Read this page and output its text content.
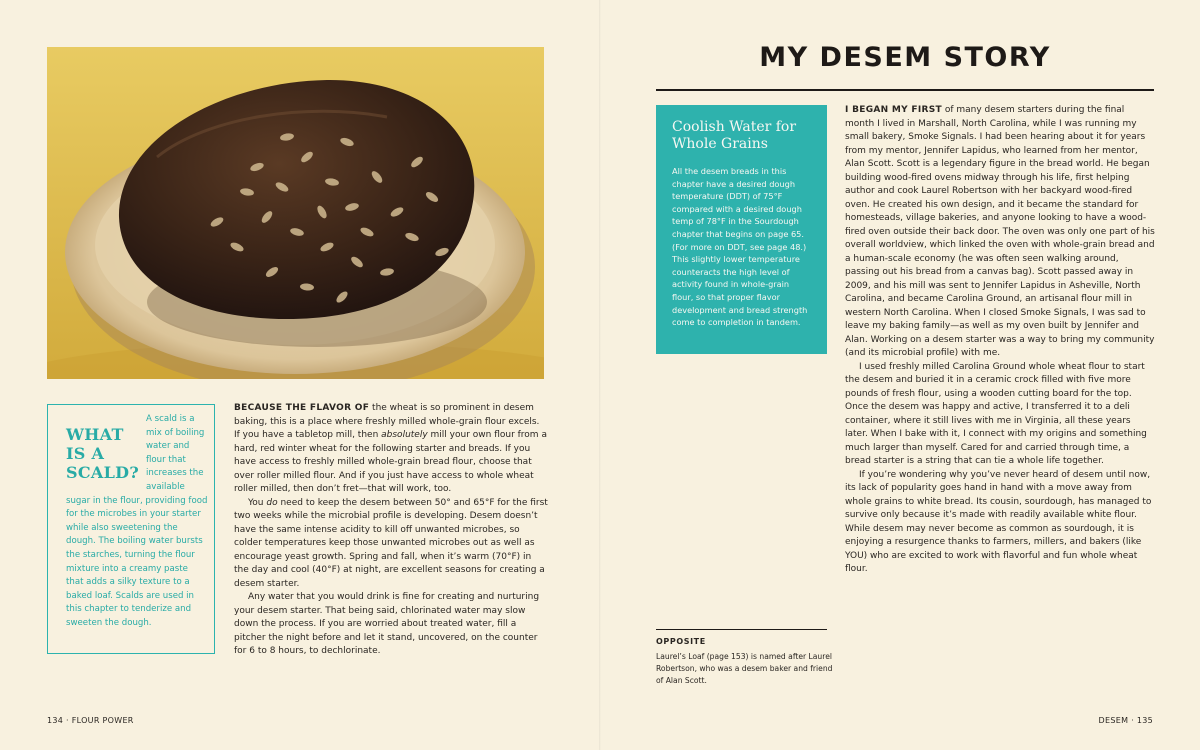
WHAT IS A SCALD?
A scald is a mix of boiling water and flour that increases the available sugar in the flour, providing food for the microbes in your starter while also sweetening the dough. The boiling water bursts the starches, turning the flour mixture into a creamy paste that adds a silky texture to a baked loaf. Scalds are used in this chapter to tenderize and sweeten the dough.

BECAUSE THE FLAVOR OF the wheat is so prominent in desem baking, this is a place where freshly milled whole-grain flour excels. If you have a tabletop mill, then absolutely mill your own flour from a hard, red winter wheat for the following starter and breads. If you have access to freshly milled whole-grain bread flour, choose that over roller milled flour. And if you just have access to whole wheat roller milled, then don’t fret—that will work, too.

You do need to keep the desem between 50° and 65°F for the first two weeks while the microbial profile is developing. Desem doesn’t have the same intense acidity to kill off unwanted microbes, so colder temperatures keep those unwanted microbes out as well as encourage yeast growth. Spring and fall, when it’s warm (70°F) in the day and cool (40°F) at night, are excellent seasons for creating a desem starter.

Any water that you would drink is fine for creating and nurturing your desem starter. That being said, chlorinated water may slow down the process. If you are worried about treated water, fill a pitcher the night before and let it stand, uncovered, on the counter for 6 to 8 hours, to dechlorinate.

134 · FLOUR POWER
MY DESEM STORY
Coolish Water for Whole Grains
All the desem breads in this chapter have a desired dough temperature (DDT) of 75°F compared with a desired dough temp of 78°F in the Sourdough chapter that begins on page 65. (For more on DDT, see page 48.) This slightly lower temperature counteracts the high level of activity found in whole-grain flour, so that proper flavor development and bread strength come to completion in tandem.

I BEGAN MY FIRST of many desem starters during the final month I lived in Marshall, North Carolina, while I was running my small bakery, Smoke Signals. I had been hearing about it for years from my mentor, Jennifer Lapidus, who learned from her mentor, Alan Scott. Scott is a legendary figure in the bread world. He began building wood-fired ovens midway through his life, first helping author and cook Laurel Robertson with her backyard wood-fired oven. He created his own design, and it became the standard for homesteads, village bakeries, and anyone looking to have a wood-fired oven outside their back door. The oven was only one part of his overall worldview, which linked the oven with whole-grain bread and a human-scale economy (he was often seen walking around, passing out his bread from a canvas bag). Scott passed away in 2009, and his mill was sent to Jennifer Lapidus in Asheville, North Carolina, and became Carolina Ground, an artisanal flour mill in western North Carolina. When I closed Smoke Signals, I was sad to leave my baking family—as well as my oven built by Jennifer and Alan. Working on a desem starter was a way to bring my community (and its microbial profile) with me.

I used freshly milled Carolina Ground whole wheat flour to start the desem and buried it in a ceramic crock filled with five more pounds of fresh flour, using a wooden cutting board for the top. Once the desem was happy and active, I transferred it to a deli container, where it still lives with me in Virginia, all these years later. When I bake with it, I connect with my origins and something much larger than myself. Cared for and carried through time, a bread starter is a string that can tie a whole life together.

If you’re wondering why you’ve never heard of desem until now, its lack of popularity goes hand in hand with a move away from whole grains to white bread. Its cousin, sourdough, has managed to survive only because it’s made with readily available white flour. While desem may never become as common as sourdough, it is enjoying a resurgence thanks to farmers, millers, and bakers (like YOU) who are excited to work with flavorful and fun whole wheat flour.

OPPOSITE
Laurel’s Loaf (page 153) is named after Laurel Robertson, who was a desem baker and friend of Alan Scott.
DESEM · 135
